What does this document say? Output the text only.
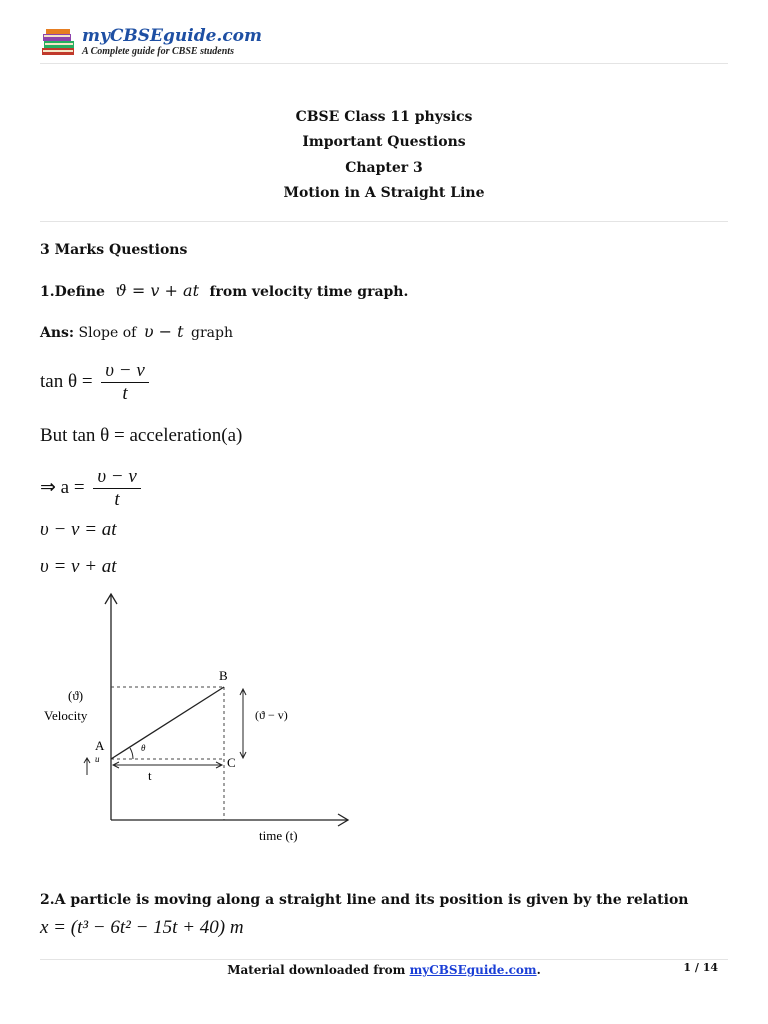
myCBSEguide.com
A Complete guide for CBSE students
CBSE Class 11 physics
Important Questions
Chapter 3
Motion in A Straight Line
3 Marks Questions
1.Define ϑ = v + at from velocity time graph.
Ans: Slope of υ − t graph
$\tan \theta = \frac{\upsilon - v}{t}$
But tan θ = acceleration(a)
⇒ $a = \frac{\upsilon - v}{t}$
υ − v = at
υ = v + at
θ
t
(ϑ − v)
B
C
A
u
(ϑ)
Velocity
time (t)
2.A particle is moving along a straight line and its position is given by the relation
x = (t³ − 6t² − 15t + 40) m
Material downloaded from myCBSEguide.com.	1 / 14
